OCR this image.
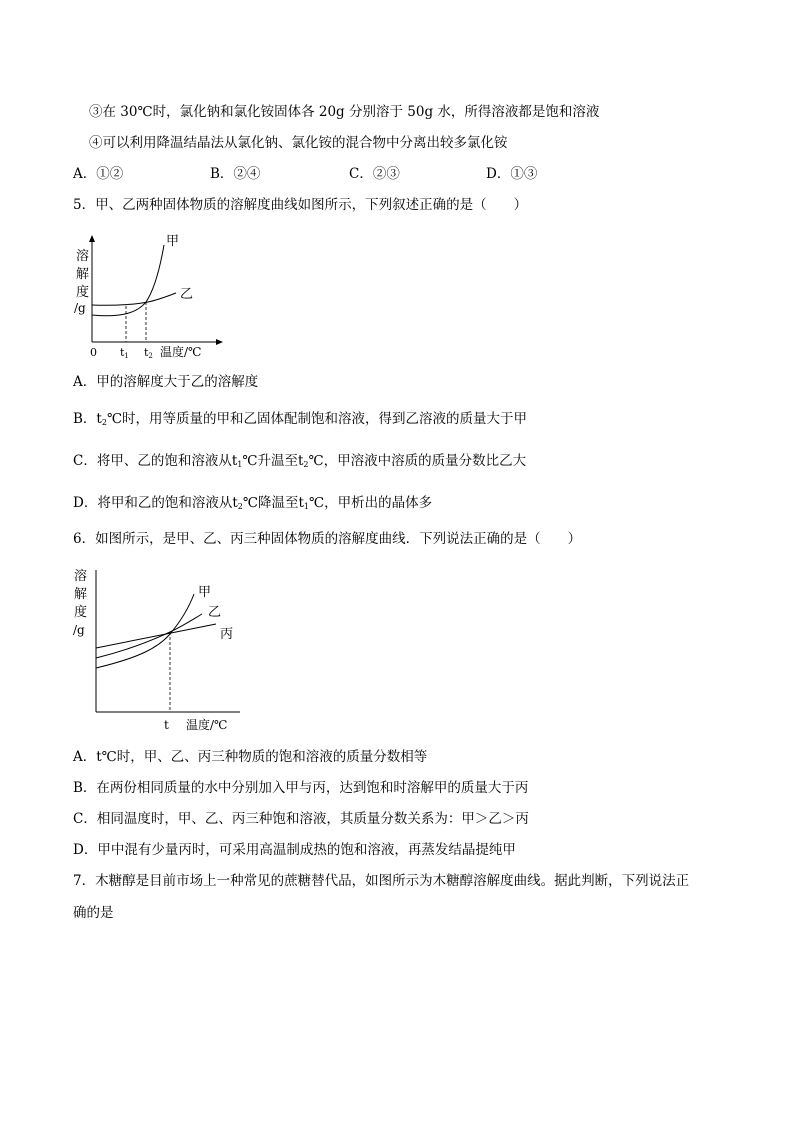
③在 30℃时，氯化钠和氯化铵固体各 20g 分别溶于 50g 水，所得溶液都是饱和溶液
④可以利用降温结晶法从氯化钠、氯化铵的混合物中分离出较多氯化铵
A．①②	B．②④	C．②③	D．①③
5．甲、乙两种固体物质的溶解度曲线如图所示，下列叙述正确的是（　　）
溶
解
度
/g
甲
乙
0 t1 t2 温度/℃
A．甲的溶解度大于乙的溶解度
B．$t_2℃$时，用等质量的甲和乙固体配制饱和溶液，得到乙溶液的质量大于甲
C．将甲、乙的饱和溶液从$t_1℃$升温至$t_2℃$，甲溶液中溶质的质量分数比乙大
D．将甲和乙的饱和溶液从$t_2℃$降温至$t_1℃$，甲析出的晶体多
6．如图所示，是甲、乙、丙三种固体物质的溶解度曲线．下列说法正确的是（　　）
溶
解
度
/g
甲
乙
丙
t 温度/℃
A．t℃时，甲、乙、丙三种物质的饱和溶液的质量分数相等
B．在两份相同质量的水中分别加入甲与丙，达到饱和时溶解甲的质量大于丙
C．相同温度时，甲、乙、丙三种饱和溶液，其质量分数关系为：甲＞乙＞丙
D．甲中混有少量丙时，可采用高温制成热的饱和溶液，再蒸发结晶提纯甲
7．木糖醇是目前市场上一种常见的蔗糖替代品，如图所示为木糖醇溶解度曲线。据此判断，下列说法正
确的是
